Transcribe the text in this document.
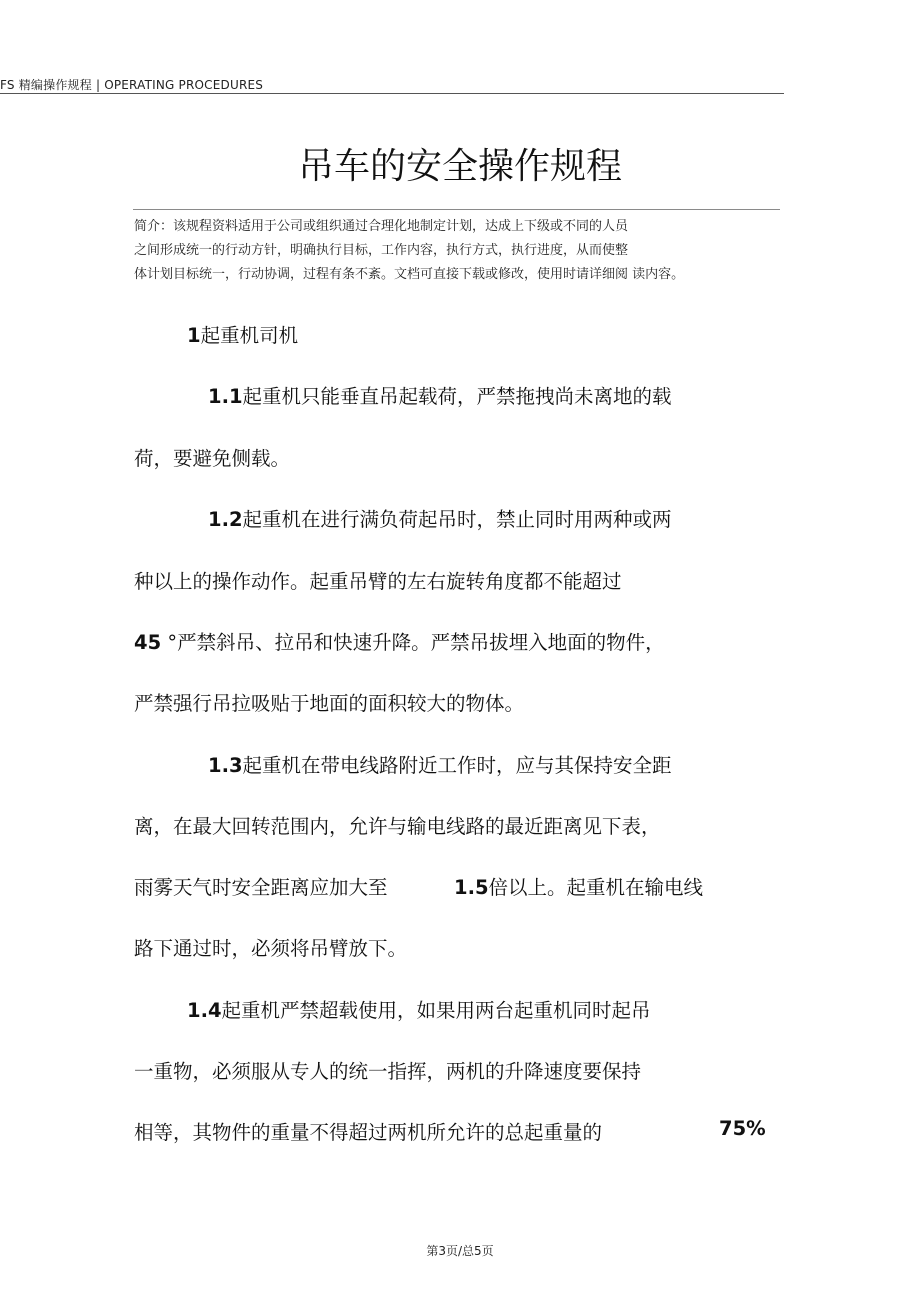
FS 精编操作规程 | OPERATING PROCEDURES
吊车的安全操作规程
简介：该规程资料适用于公司或组织通过合理化地制定计划，达成上下级或不同的人员
之间形成统一的行动方针，明确执行目标，工作内容，执行方式，执行进度，从而使整
体计划目标统一，行动协调，过程有条不紊。文档可直接下载或修改，使用时请详细阅 读内容。
1起重机司机
1.1起重机只能垂直吊起载荷，严禁拖拽尚未离地的载
荷，要避免侧载。
1.2起重机在进行满负荷起吊时，禁止同时用两种或两
种以上的操作动作。起重吊臂的左右旋转角度都不能超过
45 °严禁斜吊、拉吊和快速升降。严禁吊拔埋入地面的物件，
严禁强行吊拉吸贴于地面的面积较大的物体。
1.3起重机在带电线路附近工作时，应与其保持安全距
离，在最大回转范围内，允许与输电线路的最近距离见下表，
雨雾天气时安全距离应加大至	1.5倍以上。起重机在输电线
路下通过时，必须将吊臂放下。
1.4起重机严禁超载使用，如果用两台起重机同时起吊
一重物，必须服从专人的统一指挥，两机的升降速度要保持
相等，其物件的重量不得超过两机所允许的总起重量的	75%
第3页/总5页
